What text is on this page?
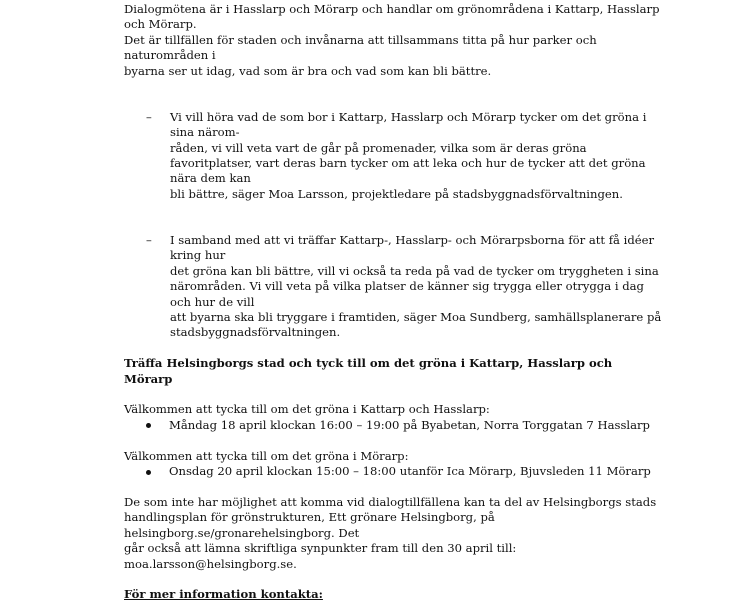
Dialogmötena är i Hasslarp och Mörarp och handlar om grönområdena i Kattarp, Hasslarp och Mörarp.
Det är tillfällen för staden och invånarna att tillsammans titta på hur parker och naturområden i
byarna ser ut idag, vad som är bra och vad som kan bli bättre.

– Vi vill höra vad de som bor i Kattarp, Hasslarp och Mörarp tycker om det gröna i sina närom-
råden, vi vill veta vart de går på promenader, vilka som är deras gröna
favoritplatser, vart deras barn tycker om att leka och hur de tycker att det gröna nära dem kan
bli bättre, säger Moa Larsson, projektledare på stadsbyggnadsförvaltningen.
– I samband med att vi träffar Kattarp-, Hasslarp- och Mörarpsborna för att få idéer kring hur
det gröna kan bli bättre, vill vi också ta reda på vad de tycker om tryggheten i sina
närområden. Vi vill veta på vilka platser de känner sig trygga eller otrygga i dag och hur de vill
att byarna ska bli tryggare i framtiden, säger Moa Sundberg, samhällsplanerare på
stadsbyggnadsförvaltningen.

Träffa Helsingborgs stad och tyck till om det gröna i Kattarp, Hasslarp och Mörarp

Välkommen att tycka till om det gröna i Kattarp och Hasslarp:

Måndag 18 april klockan 16:00 – 19:00 på Byabetan, Norra Torggatan 7 Hasslarp

Välkommen att tycka till om det gröna i Mörarp:

Onsdag 20 april klockan 15:00 – 18:00 utanför Ica Mörarp, Bjuvsleden 11 Mörarp

De som inte har möjlighet att komma vid dialogtillfällena kan ta del av Helsingborgs stads
handlingsplan för grönstrukturen, Ett grönare Helsingborg, på helsingborg.se/gronarehelsingborg. Det
går också att lämna skriftliga synpunkter fram till den 30 april till: moa.larsson@helsingborg.se.

För mer information kontakta:
